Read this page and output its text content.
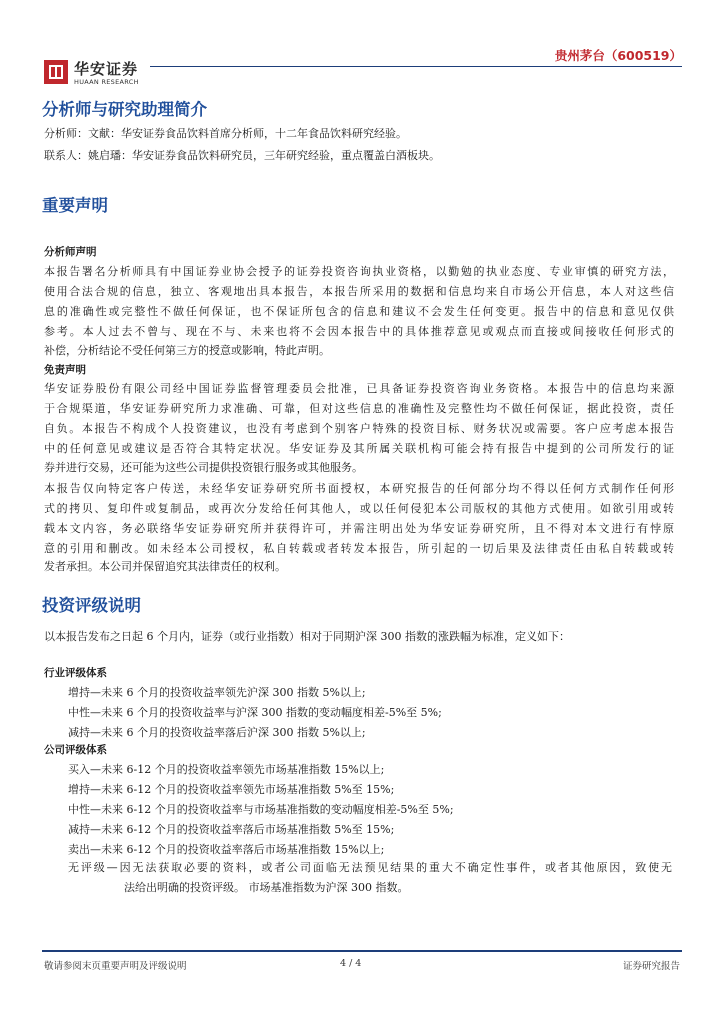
华安证券
HUAAN RESEARCH
贵州茅台（600519）
分析师与研究助理简介
分析师：文献：华安证券食品饮料首席分析师，十二年食品饮料研究经验。
联系人：姚启璠：华安证券食品饮料研究员，三年研究经验，重点覆盖白酒板块。
重要声明
分析师声明
本报告署名分析师具有中国证券业协会授予的证券投资咨询执业资格，以勤勉的执业态度、专业审慎的研究方法，
使用合法合规的信息，独立、客观地出具本报告，本报告所采用的数据和信息均来自市场公开信息，本人对这些信
息的准确性或完整性不做任何保证，也不保证所包含的信息和建议不会发生任何变更。报告中的信息和意见仅供
参考。本人过去不曾与、现在不与、未来也将不会因本报告中的具体推荐意见或观点而直接或间接收任何形式的
补偿，分析结论不受任何第三方的授意或影响，特此声明。
免责声明
华安证券股份有限公司经中国证券监督管理委员会批准，已具备证券投资咨询业务资格。本报告中的信息均来源
于合规渠道，华安证券研究所力求准确、可靠，但对这些信息的准确性及完整性均不做任何保证，据此投资，责任
自负。本报告不构成个人投资建议，也没有考虑到个别客户特殊的投资目标、财务状况或需要。客户应考虑本报告
中的任何意见或建议是否符合其特定状况。华安证券及其所属关联机构可能会持有报告中提到的公司所发行的证
券并进行交易，还可能为这些公司提供投资银行服务或其他服务。
本报告仅向特定客户传送，未经华安证券研究所书面授权，本研究报告的任何部分均不得以任何方式制作任何形
式的拷贝、复印件或复制品，或再次分发给任何其他人，或以任何侵犯本公司版权的其他方式使用。如欲引用或转
载本文内容，务必联络华安证券研究所并获得许可，并需注明出处为华安证券研究所，且不得对本文进行有悖原
意的引用和删改。如未经本公司授权，私自转载或者转发本报告，所引起的一切后果及法律责任由私自转载或转
发者承担。本公司并保留追究其法律责任的权利。
投资评级说明
以本报告发布之日起 6 个月内，证券（或行业指数）相对于同期沪深 300 指数的涨跌幅为标准，定义如下：
行业评级体系
增持—未来 6 个月的投资收益率领先沪深 300 指数 5%以上;
中性—未来 6 个月的投资收益率与沪深 300 指数的变动幅度相差-5%至 5%;
减持—未来 6 个月的投资收益率落后沪深 300 指数 5%以上;
公司评级体系
买入—未来 6-12 个月的投资收益率领先市场基准指数 15%以上;
增持—未来 6-12 个月的投资收益率领先市场基准指数 5%至 15%;
中性—未来 6-12 个月的投资收益率与市场基准指数的变动幅度相差-5%至 5%;
减持—未来 6-12 个月的投资收益率落后市场基准指数 5%至 15%;
卖出—未来 6-12 个月的投资收益率落后市场基准指数 15%以上;
无评级—因无法获取必要的资料，或者公司面临无法预见结果的重大不确定性事件，或者其他原因，致使无
法给出明确的投资评级。 市场基准指数为沪深 300 指数。
敬请参阅末页重要声明及评级说明	4 / 4	证券研究报告
